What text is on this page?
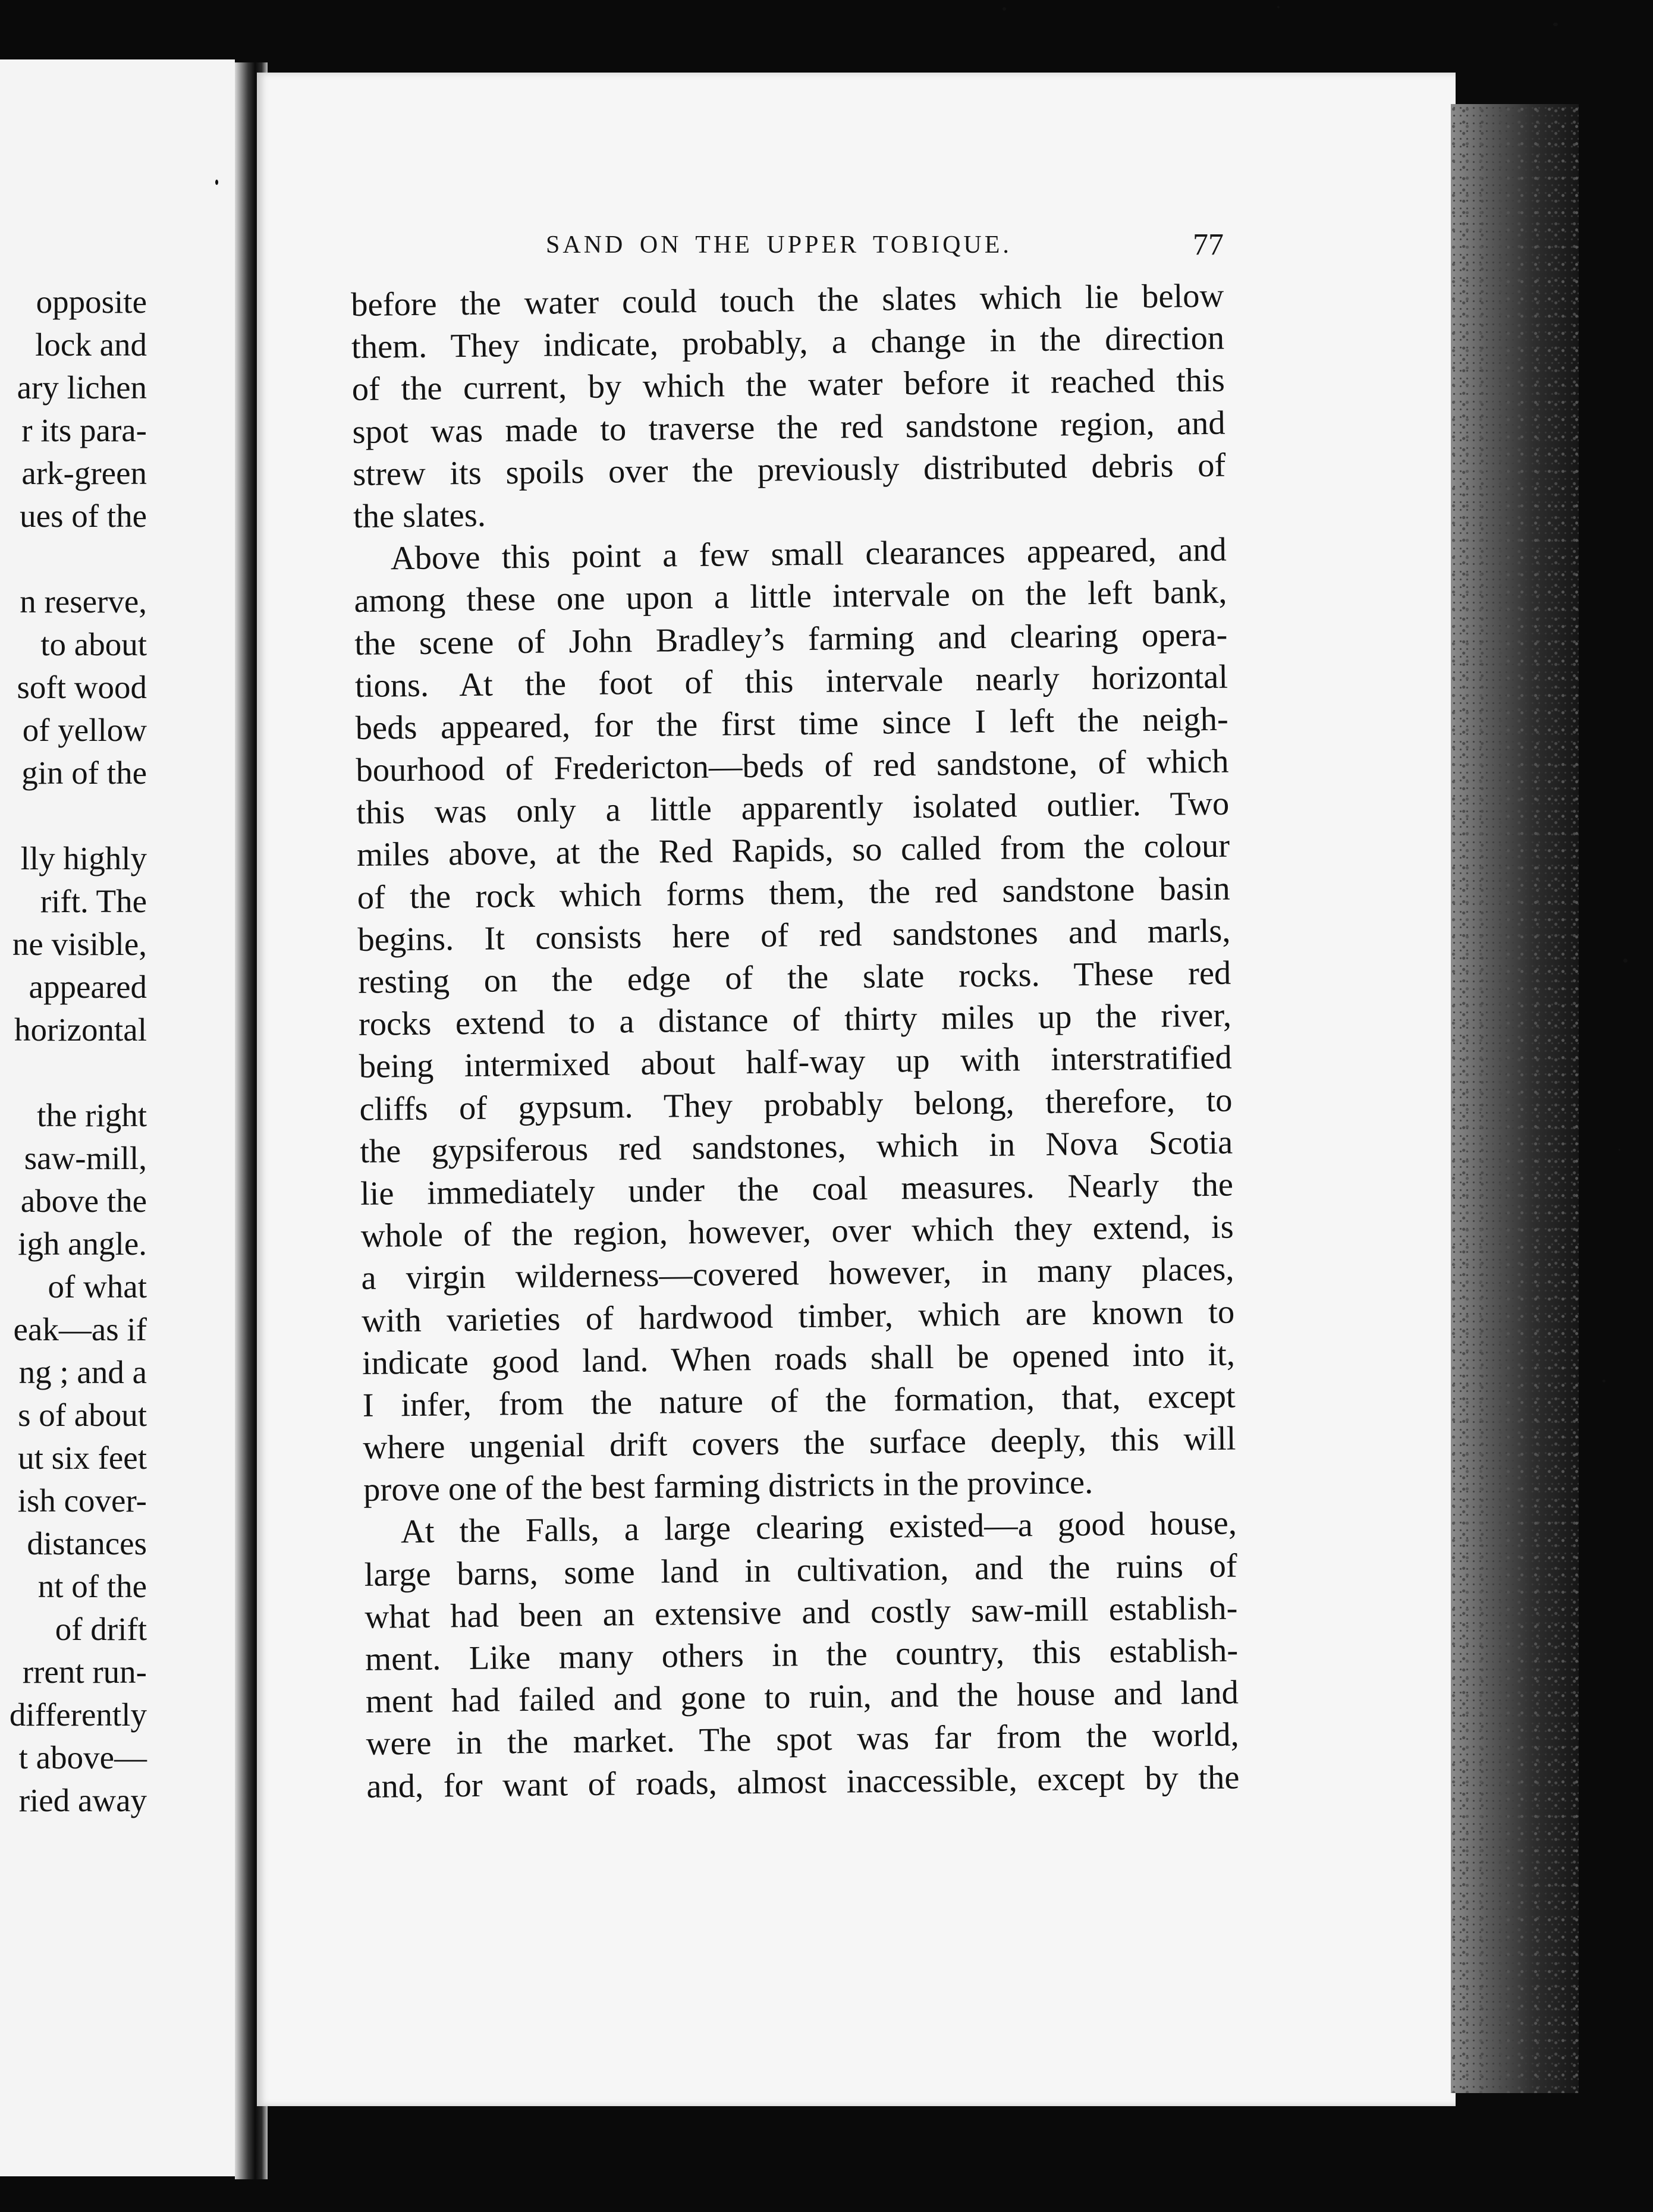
opposite
lock and
ary lichen
r its para-
ark-green
ues of the
n reserve,
to about
soft wood
of yellow
gin of the
lly highly
rift. The
ne visible,
appeared
horizontal
the right
saw-mill,
above the
igh angle.
of what
eak—as if
ng ; and a
s of about
ut six feet
ish cover-
distances
nt of the
of drift
rrent run-
differently
t above—
ried away
SAND ON THE UPPER TOBIQUE.	77
before the water could touch the slates which lie below
them. They indicate, probably, a change in the direction
of the current, by which the water before it reached this
spot was made to traverse the red sandstone region, and
strew its spoils over the previously distributed debris of
the slates.
Above this point a few small clearances appeared, and
among these one upon a little intervale on the left bank,
the scene of John Bradley’s farming and clearing opera-
tions. At the foot of this intervale nearly horizontal
beds appeared, for the first time since I left the neigh-
bourhood of Fredericton—beds of red sandstone, of which
this was only a little apparently isolated outlier. Two
miles above, at the Red Rapids, so called from the colour
of the rock which forms them, the red sandstone basin
begins. It consists here of red sandstones and marls,
resting on the edge of the slate rocks. These red
rocks extend to a distance of thirty miles up the river,
being intermixed about half-way up with interstratified
cliffs of gypsum. They probably belong, therefore, to
the gypsiferous red sandstones, which in Nova Scotia
lie immediately under the coal measures. Nearly the
whole of the region, however, over which they extend, is
a virgin wilderness—covered however, in many places,
with varieties of hardwood timber, which are known to
indicate good land. When roads shall be opened into it,
I infer, from the nature of the formation, that, except
where ungenial drift covers the surface deeply, this will
prove one of the best farming districts in the province.
At the Falls, a large clearing existed—a good house,
large barns, some land in cultivation, and the ruins of
what had been an extensive and costly saw-mill establish-
ment. Like many others in the country, this establish-
ment had failed and gone to ruin, and the house and land
were in the market. The spot was far from the world,
and, for want of roads, almost inaccessible, except by the
